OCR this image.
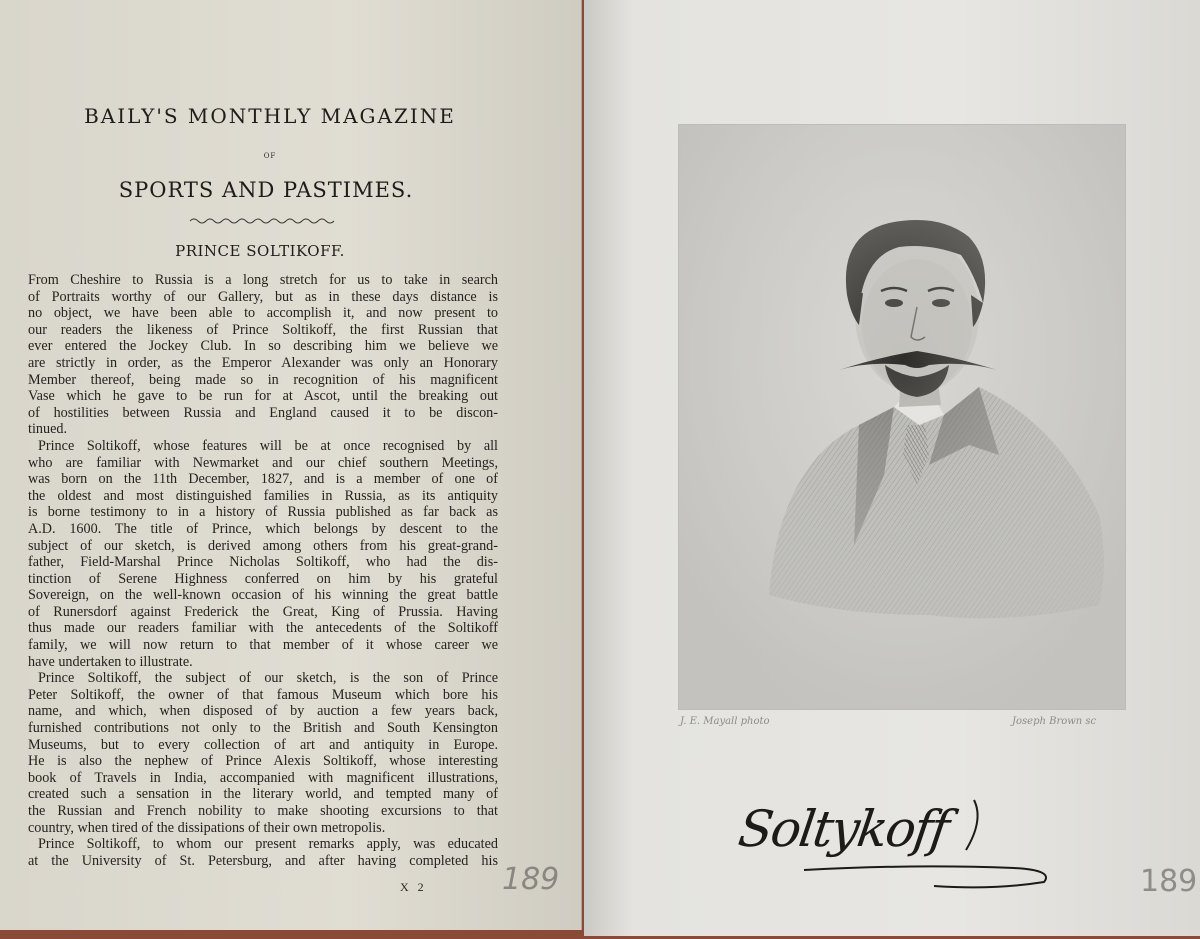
BAILY'S MONTHLY MAGAZINE
OF
SPORTS AND PASTIMES.
PRINCE SOLTIKOFF.
From Cheshire to Russia is a long stretch for us to take in search
of Portraits worthy of our Gallery, but as in these days distance is
no object, we have been able to accomplish it, and now present to
our readers the likeness of Prince Soltikoff, the first Russian that
ever entered the Jockey Club. In so describing him we believe we
are strictly in order, as the Emperor Alexander was only an Honorary
Member thereof, being made so in recognition of his magnificent
Vase which he gave to be run for at Ascot, until the breaking out
of hostilities between Russia and England caused it to be discon-
tinued.
Prince Soltikoff, whose features will be at once recognised by all
who are familiar with Newmarket and our chief southern Meetings,
was born on the 11th December, 1827, and is a member of one of
the oldest and most distinguished families in Russia, as its antiquity
is borne testimony to in a history of Russia published as far back as
A.D. 1600. The title of Prince, which belongs by descent to the
subject of our sketch, is derived among others from his great-grand-
father, Field-Marshal Prince Nicholas Soltikoff, who had the dis-
tinction of Serene Highness conferred on him by his grateful
Sovereign, on the well-known occasion of his winning the great battle
of Runersdorf against Frederick the Great, King of Prussia. Having
thus made our readers familiar with the antecedents of the Soltikoff
family, we will now return to that member of it whose career we
have undertaken to illustrate.
Prince Soltikoff, the subject of our sketch, is the son of Prince
Peter Soltikoff, the owner of that famous Museum which bore his
name, and which, when disposed of by auction a few years back,
furnished contributions not only to the British and South Kensington
Museums, but to every collection of art and antiquity in Europe.
He is also the nephew of Prince Alexis Soltikoff, whose interesting
book of Travels in India, accompanied with magnificent illustrations,
created such a sensation in the literary world, and tempted many of
the Russian and French nobility to make shooting excursions to that
country, when tired of the dissipations of their own metropolis.
Prince Soltikoff, to whom our present remarks apply, was educated
at the University of St. Petersburg, and after having completed his
X 2	189
J. E. Mayall photo	Joseph Brown sc
Soltykoff
189
